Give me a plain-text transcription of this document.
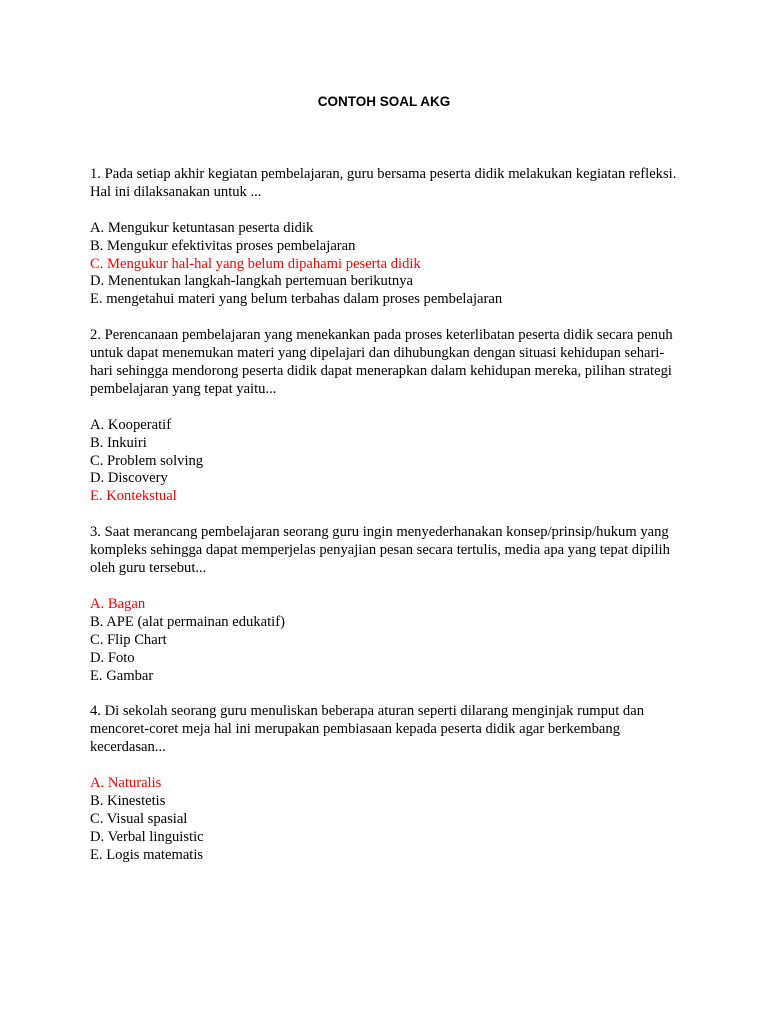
CONTOH SOAL AKG
1. Pada setiap akhir kegiatan pembelajaran, guru bersama peserta didik melakukan kegiatan refleksi. Hal ini dilaksanakan untuk ...
A. Mengukur ketuntasan peserta didik
B. Mengukur efektivitas proses pembelajaran
C. Mengukur hal-hal yang belum dipahami peserta didik
D. Menentukan langkah-langkah pertemuan berikutnya
E. mengetahui materi yang belum terbahas dalam proses pembelajaran
2. Perencanaan pembelajaran yang menekankan pada proses keterlibatan peserta didik secara penuh untuk dapat menemukan materi yang dipelajari dan dihubungkan dengan situasi kehidupan sehari-hari sehingga mendorong peserta didik dapat menerapkan dalam kehidupan mereka, pilihan strategi pembelajaran yang tepat yaitu...
A. Kooperatif
B. Inkuiri
C. Problem solving
D. Discovery
E. Kontekstual
3. Saat merancang pembelajaran seorang guru ingin menyederhanakan konsep/prinsip/hukum yang kompleks sehingga dapat memperjelas penyajian pesan secara tertulis, media apa yang tepat dipilih oleh guru tersebut...
A. Bagan
B. APE (alat permainan edukatif)
C. Flip Chart
D. Foto
E. Gambar
4. Di sekolah seorang guru menuliskan beberapa aturan seperti dilarang menginjak rumput dan mencoret-coret meja hal ini merupakan pembiasaan kepada peserta didik agar berkembang kecerdasan...
A. Naturalis
B. Kinestetis
C. Visual spasial
D. Verbal linguistic
E. Logis matematis
